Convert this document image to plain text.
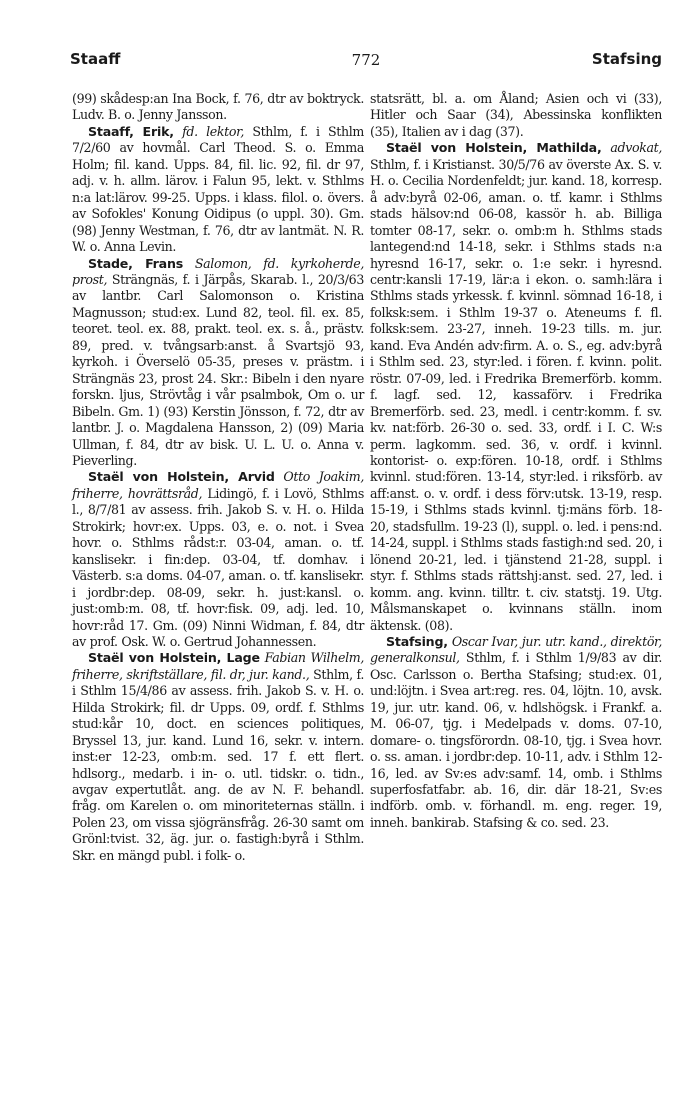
Staaff	772	Stafsing

(99) skådesp:an Ina Bock, f. 76, dtr av boktryck. Ludv. B. o. Jenny Jansson.

Staaff, Erik, fd. lektor, Sthlm, f. i Sthlm 7/2/60 av hovmål. Carl Theod. S. o. Emma Holm; fil. kand. Upps. 84, fil. lic. 92, fil. dr 97, adj. v. h. allm. lärov. i Falun 95, lekt. v. Sthlms n:a lat:lärov. 99-25. Upps. i klass. filol. o. övers. av Sofokles' Konung Oidipus (o uppl. 30). Gm. (98) Jenny Westman, f. 76, dtr av lantmät. N. R. W. o. Anna Levin.

Stade, Frans Salomon, fd. kyrkoherde, prost, Strängnäs, f. i Järpås, Skarab. l., 20/3/63 av lantbr. Carl Salomonson o. Kristina Magnusson; stud:ex. Lund 82, teol. fil. ex. 85, teoret. teol. ex. 88, prakt. teol. ex. s. å., prästv. 89, pred. v. tvångsarb:anst. å Svartsjö 93, kyrkoh. i Överselö 05-35, preses v. prästm. i Strängnäs 23, prost 24. Skr.: Bibeln i den nyare forskn. ljus, Strövtåg i vår psalmbok, Om o. ur Bibeln. Gm. 1) (93) Kerstin Jönsson, f. 72, dtr av lantbr. J. o. Magdalena Hansson, 2) (09) Maria Ullman, f. 84, dtr av bisk. U. L. U. o. Anna v. Pieverling.

Staël von Holstein, Arvid Otto Joakim, friherre, hovrättsråd, Lidingö, f. i Lovö, Sthlms l., 8/7/81 av assess. frih. Jakob S. v. H. o. Hilda Strokirk; hovr:ex. Upps. 03, e. o. not. i Svea hovr. o. Sthlms rådst:r. 03-04, aman. o. tf. kanslisekr. i fin:dep. 03-04, tf. domhav. i Västerb. s:a doms. 04-07, aman. o. tf. kanslisekr. i jordbr:dep. 08-09, sekr. h. just:kansl. o. just:omb:m. 08, tf. hovr:fisk. 09, adj. led. 10, hovr:råd 17. Gm. (09) Ninni Widman, f. 84, dtr av prof. Osk. W. o. Gertrud Johannessen.

Staël von Holstein, Lage Fabian Wilhelm, friherre, skriftställare, fil. dr, jur. kand., Sthlm, f. i Sthlm 15/4/86 av assess. frih. Jakob S. v. H. o. Hilda Strokirk; fil. dr Upps. 09, ordf. f. Sthlms stud:kår 10, doct. en sciences politiques, Bryssel 13, jur. kand. Lund 16, sekr. v. intern. inst:er 12-23, omb:m. sed. 17 f. ett flert. hdlsorg., medarb. i in- o. utl. tidskr. o. tidn., avgav expertutlåt. ang. de av N. F. behandl. fråg. om Karelen o. om minoriteternas ställn. i Polen 23, om vissa sjögränsfråg. 26-30 samt om Grönl:tvist. 32, äg. jur. o. fastigh:byrå i Sthlm. Skr. en mängd publ. i folk- o.

statsrätt, bl. a. om Åland; Asien och vi (33), Hitler och Saar (34), Abessinska konflikten (35), Italien av i dag (37).

Staël von Holstein, Mathilda, advokat, Sthlm, f. i Kristianst. 30/5/76 av överste Ax. S. v. H. o. Cecilia Nordenfeldt; jur. kand. 18, korresp. å adv:byrå 02-06, aman. o. tf. kamr. i Sthlms stads hälsov:nd 06-08, kassör h. ab. Billiga tomter 08-17, sekr. o. omb:m h. Sthlms stads lantegend:nd 14-18, sekr. i Sthlms stads n:a hyresnd 16-17, sekr. o. 1:e sekr. i hyresnd. centr:kansli 17-19, lär:a i ekon. o. samh:lära i Sthlms stads yrkessk. f. kvinnl. sömnad 16-18, i folksk:sem. i Sthlm 19-37 o. Ateneums f. fl. folksk:sem. 23-27, inneh. 19-23 tills. m. jur. kand. Eva Andén adv:firm. A. o. S., eg. adv:byrå i Sthlm sed. 23, styr:led. i fören. f. kvinn. polit. röstr. 07-09, led. i Fredrika Bremerförb. komm. f. lagf. sed. 12, kassaförv. i Fredrika Bremerförb. sed. 23, medl. i centr:komm. f. sv. kv. nat:förb. 26-30 o. sed. 33, ordf. i I. C. W:s perm. lagkomm. sed. 36, v. ordf. i kvinnl. kontorist- o. exp:fören. 10-18, ordf. i Sthlms kvinnl. stud:fören. 13-14, styr:led. i riksförb. av aff:anst. o. v. ordf. i dess förv:utsk. 13-19, resp. 15-19, i Sthlms stads kvinnl. tj:mäns förb. 18-20, stadsfullm. 19-23 (l), suppl. o. led. i pens:nd. 14-24, suppl. i Sthlms stads fastigh:nd sed. 20, i lönend 20-21, led. i tjänstend 21-28, suppl. i styr. f. Sthlms stads rättshj:anst. sed. 27, led. i komm. ang. kvinn. tilltr. t. civ. statstj. 19. Utg. Målsmanskapet o. kvinnans ställn. inom äktensk. (08).

Stafsing, Oscar Ivar, jur. utr. kand., direktör, generalkonsul, Sthlm, f. i Sthlm 1/9/83 av dir. Osc. Carlsson o. Bertha Stafsing; stud:ex. 01, und:löjtn. i Svea art:reg. res. 04, löjtn. 10, avsk. 19, jur. utr. kand. 06, v. hdlshögsk. i Frankf. a. M. 06-07, tjg. i Medelpads v. doms. 07-10, domare- o. tingsförordn. 08-10, tjg. i Svea hovr. o. ss. aman. i jordbr:dep. 10-11, adv. i Sthlm 12-16, led. av Sv:es adv:samf. 14, omb. i Sthlms superfosfatfabr. ab. 16, dir. där 18-21, Sv:es indförb. omb. v. förhandl. m. eng. reger. 19, inneh. bankirab. Stafsing & co. sed. 23.
